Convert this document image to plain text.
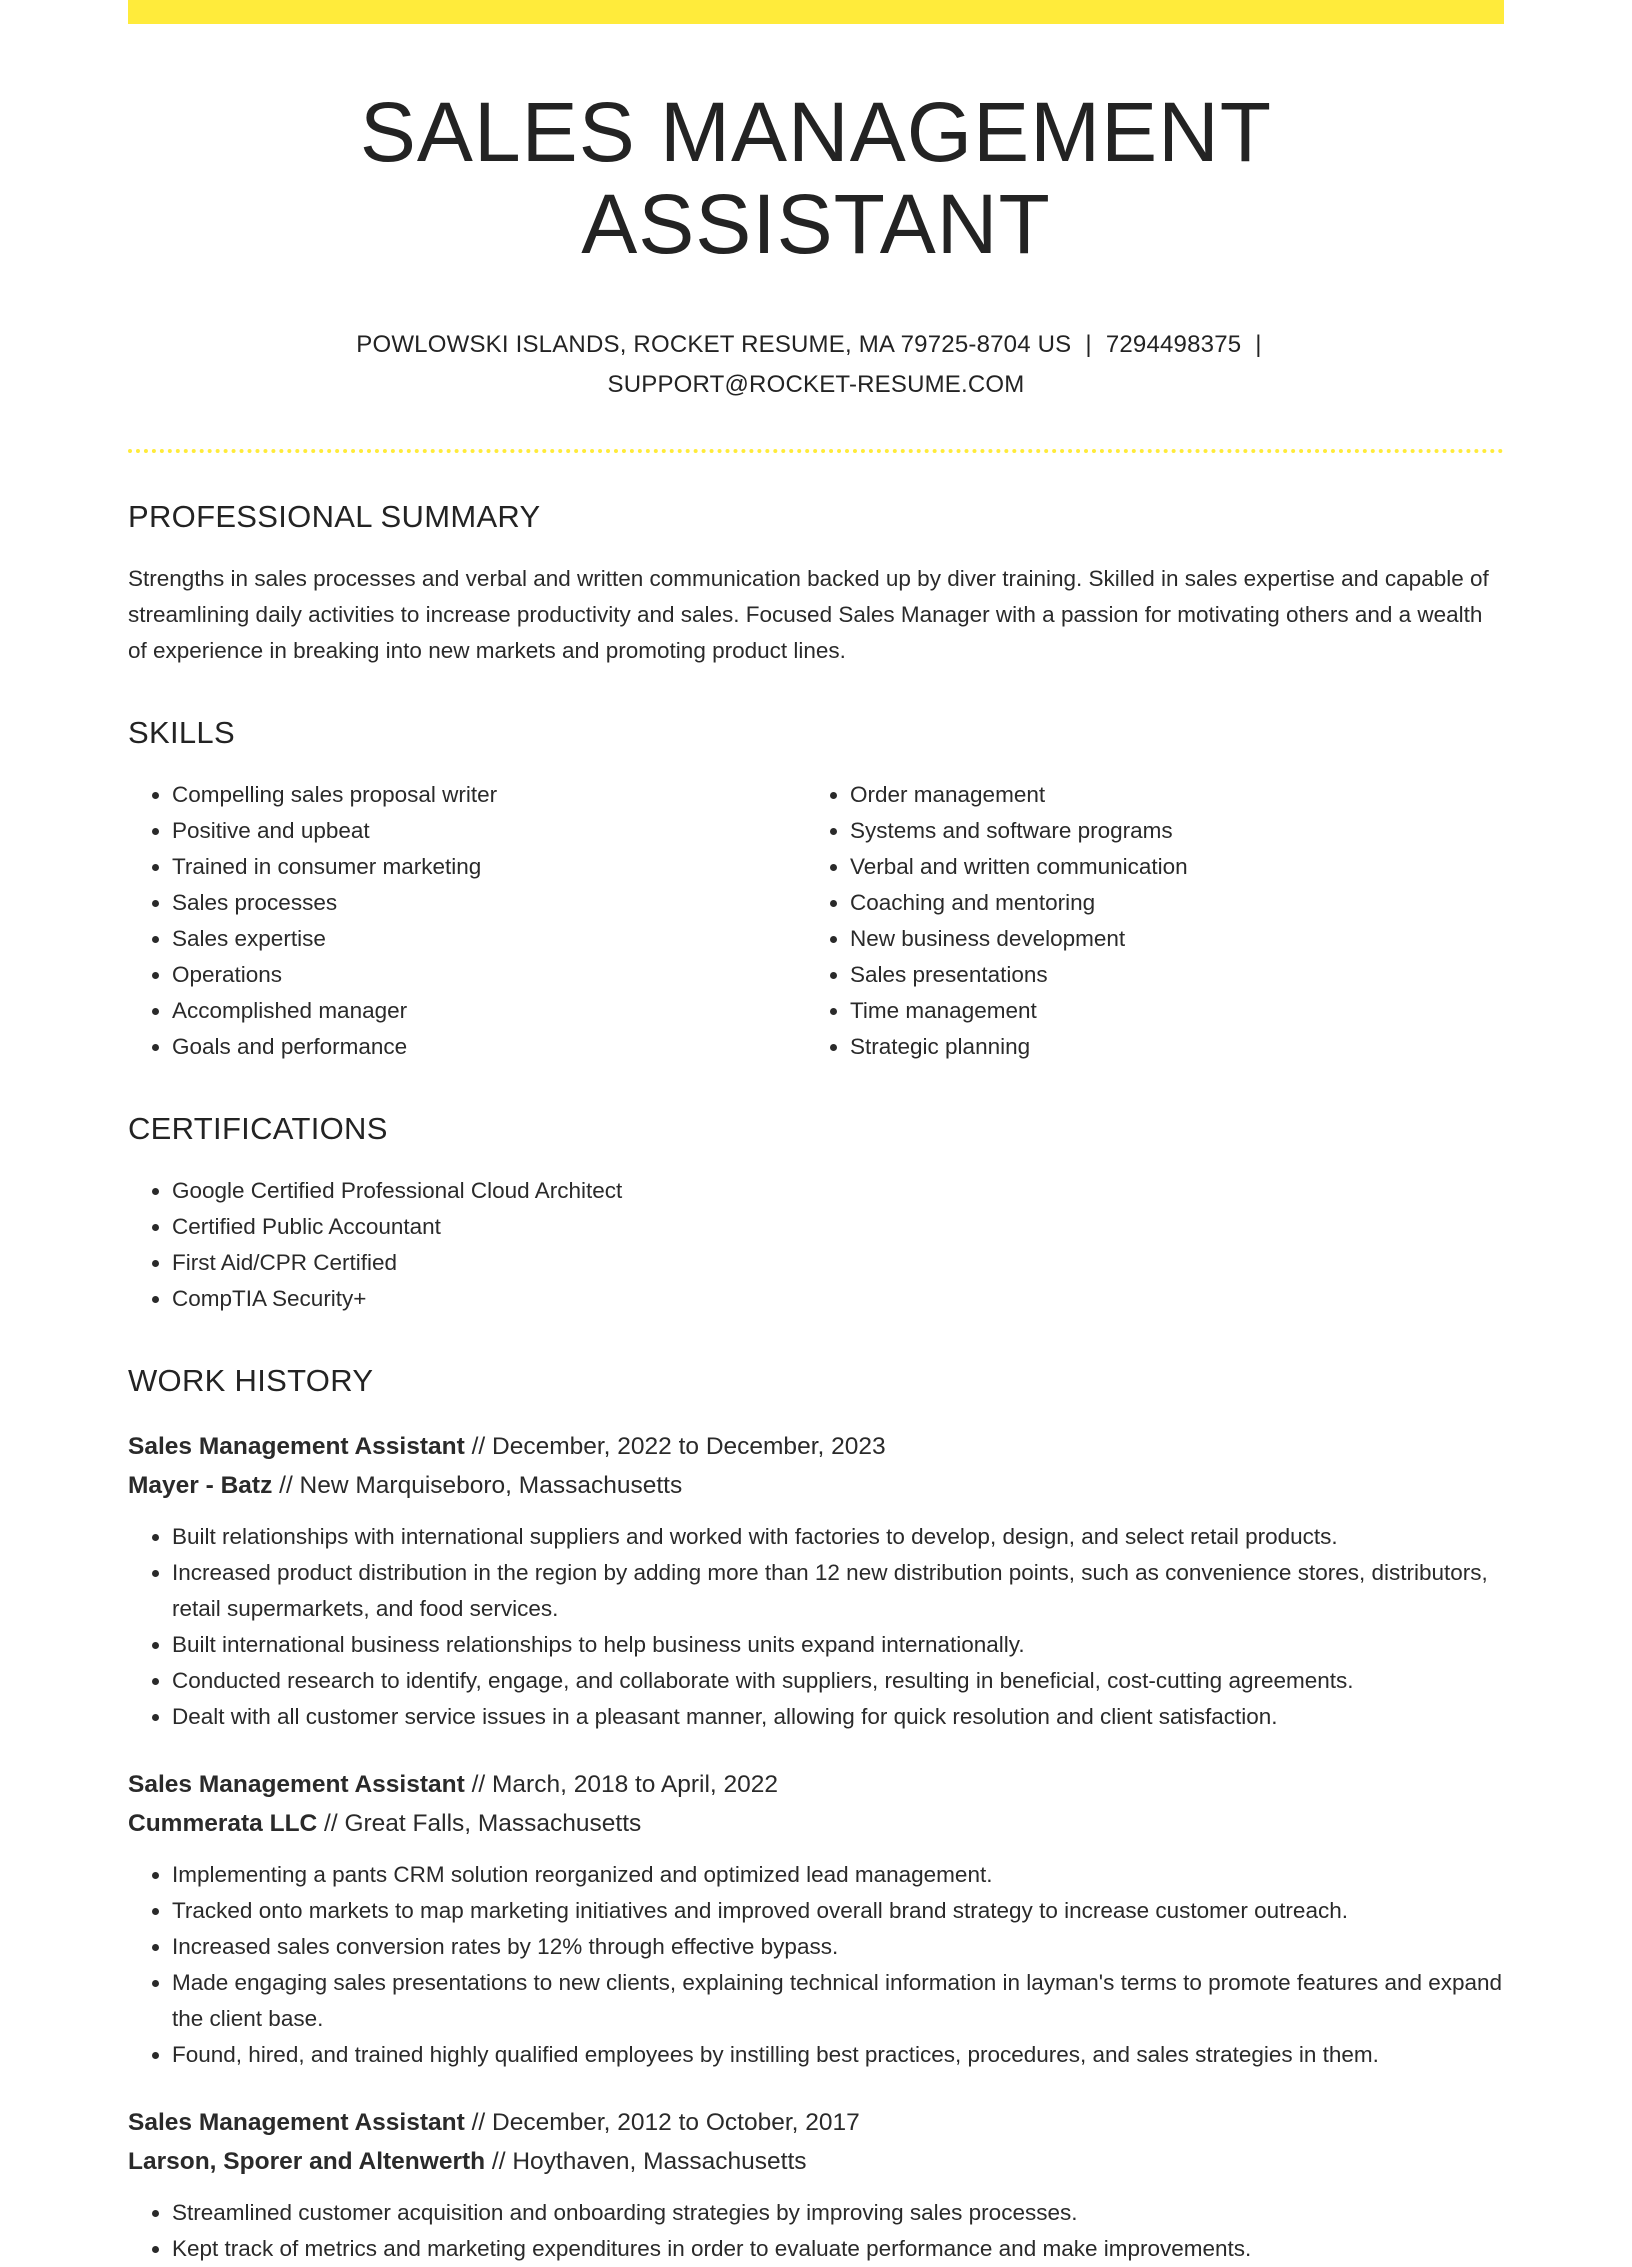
SALES MANAGEMENT ASSISTANT
POWLOWSKI ISLANDS, ROCKET RESUME, MA 79725-8704 US | 7294498375 |
SUPPORT@ROCKET-RESUME.COM
PROFESSIONAL SUMMARY
Strengths in sales processes and verbal and written communication backed up by diver training. Skilled in sales expertise and capable of streamlining daily activities to increase productivity and sales. Focused Sales Manager with a passion for motivating others and a wealth of experience in breaking into new markets and promoting product lines.
SKILLS
• Compelling sales proposal writer
• Positive and upbeat
• Trained in consumer marketing
• Sales processes
• Sales expertise
• Operations
• Accomplished manager
• Goals and performance
• Order management
• Systems and software programs
• Verbal and written communication
• Coaching and mentoring
• New business development
• Sales presentations
• Time management
• Strategic planning
CERTIFICATIONS
• Google Certified Professional Cloud Architect
• Certified Public Accountant
• First Aid/CPR Certified
• CompTIA Security+
WORK HISTORY
Sales Management Assistant // December, 2022 to December, 2023
Mayer - Batz // New Marquiseboro, Massachusetts
• Built relationships with international suppliers and worked with factories to develop, design, and select retail products.
• Increased product distribution in the region by adding more than 12 new distribution points, such as convenience stores, distributors, retail supermarkets, and food services.
• Built international business relationships to help business units expand internationally.
• Conducted research to identify, engage, and collaborate with suppliers, resulting in beneficial, cost-cutting agreements.
• Dealt with all customer service issues in a pleasant manner, allowing for quick resolution and client satisfaction.
Sales Management Assistant // March, 2018 to April, 2022
Cummerata LLC // Great Falls, Massachusetts
• Implementing a pants CRM solution reorganized and optimized lead management.
• Tracked onto markets to map marketing initiatives and improved overall brand strategy to increase customer outreach.
• Increased sales conversion rates by 12% through effective bypass.
• Made engaging sales presentations to new clients, explaining technical information in layman's terms to promote features and expand the client base.
• Found, hired, and trained highly qualified employees by instilling best practices, procedures, and sales strategies in them.
Sales Management Assistant // December, 2012 to October, 2017
Larson, Sporer and Altenwerth // Hoythaven, Massachusetts
• Streamlined customer acquisition and onboarding strategies by improving sales processes.
• Kept track of metrics and marketing expenditures in order to evaluate performance and make improvements.
